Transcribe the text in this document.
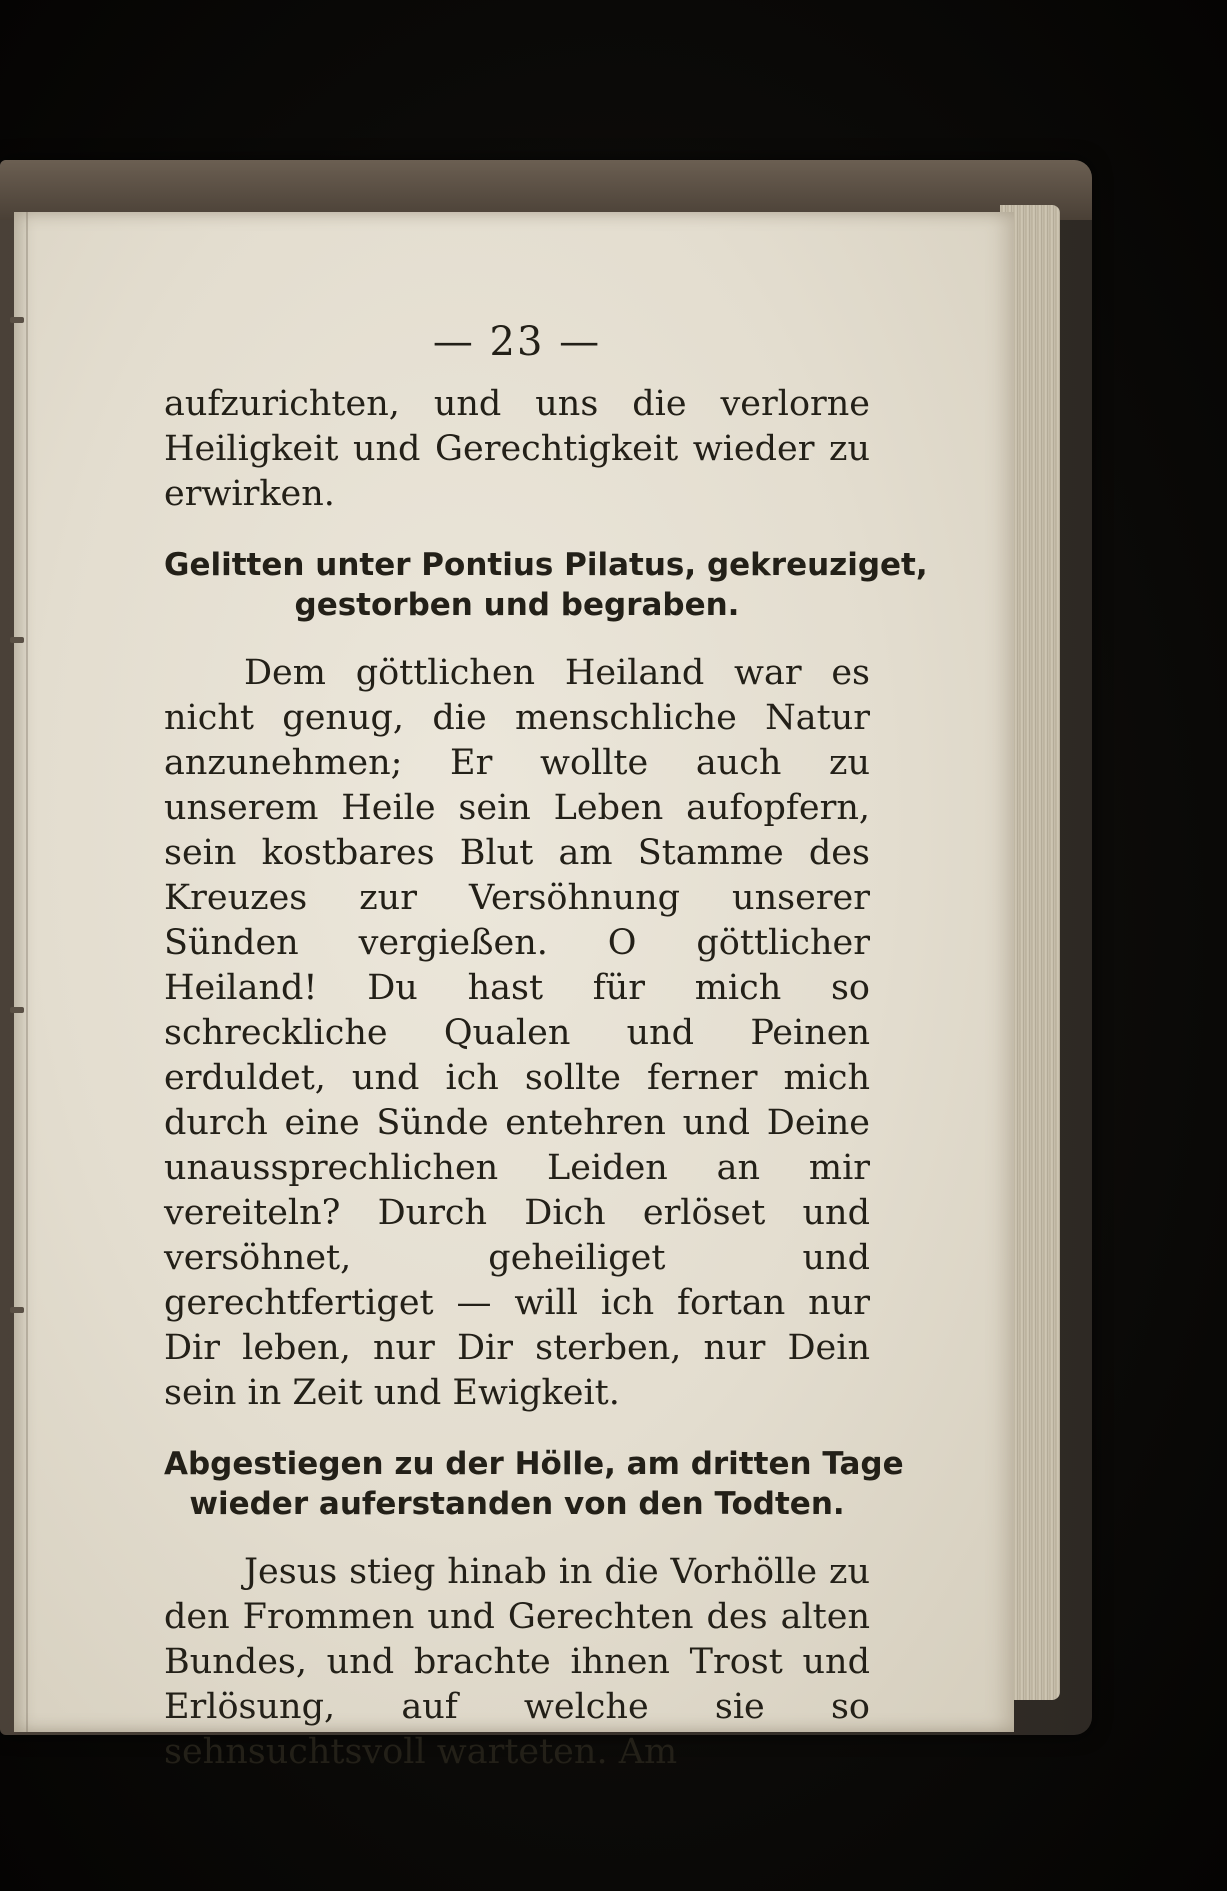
— 23 —

aufzurichten, und uns die verlorne Heiligkeit und Gerechtigkeit wieder zu erwirken.

Gelitten unter Pontius Pilatus, gekreuziget,
gestorben und begraben.

Dem göttlichen Heiland war es nicht genug, die menschliche Natur anzunehmen; Er wollte auch zu unserem Heile sein Leben aufopfern, sein kostbares Blut am Stamme des Kreuzes zur Versöhnung unserer Sünden vergießen. O göttlicher Heiland! Du hast für mich so schreckliche Qualen und Peinen erduldet, und ich sollte ferner mich durch eine Sünde entehren und Deine unaussprechlichen Leiden an mir vereiteln? Durch Dich erlöset und versöhnet, geheiliget und gerechtfertiget — will ich fortan nur Dir leben, nur Dir sterben, nur Dein sein in Zeit und Ewigkeit.

Abgestiegen zu der Hölle, am dritten Tage
wieder auferstanden von den Todten.

Jesus stieg hinab in die Vorhölle zu den Frommen und Gerechten des alten Bundes, und brachte ihnen Trost und Erlösung, auf welche sie so sehnsuchtsvoll warteten. Am
